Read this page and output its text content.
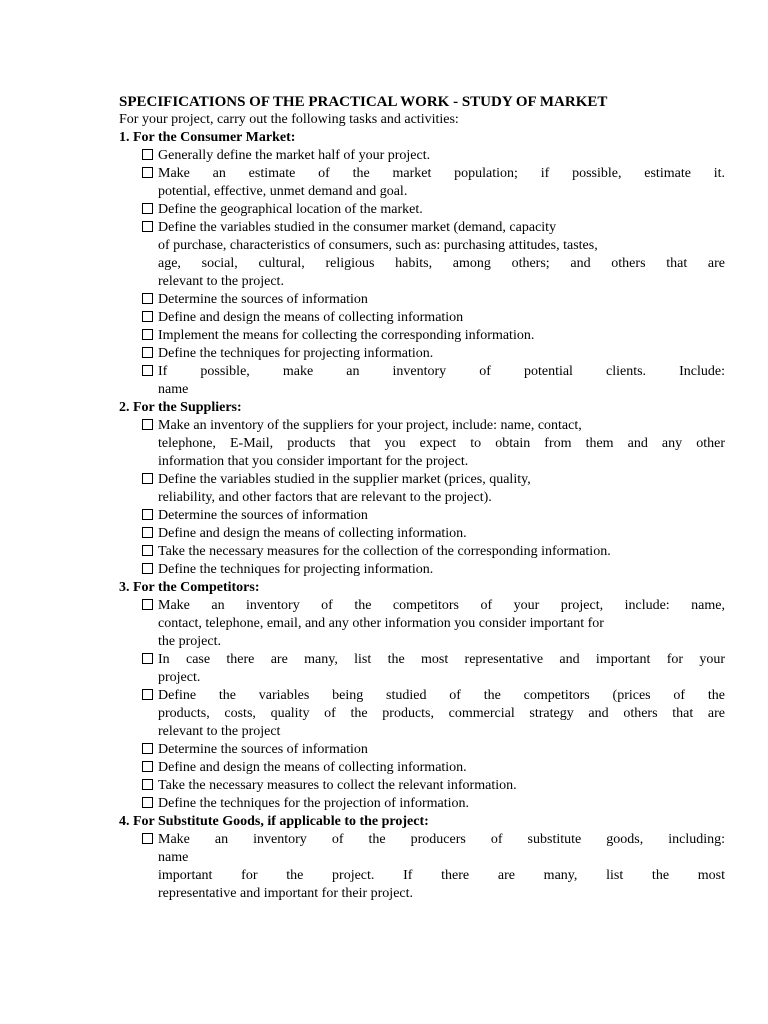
SPECIFICATIONS OF THE PRACTICAL WORK - STUDY OF MARKET

For your project, carry out the following tasks and activities:

1. For the Consumer Market:
Generally define the market half of your project.
Make an estimate of the market population; if possible, estimate it.
potential, effective, unmet demand and goal.
Define the geographical location of the market.
Define the variables studied in the consumer market (demand, capacity
of purchase, characteristics of consumers, such as: purchasing attitudes, tastes,
age, social, cultural, religious habits, among others; and others that are
relevant to the project.
Determine the sources of information
Define and design the means of collecting information
Implement the means for collecting the corresponding information.
Define the techniques for projecting information.
If possible, make an inventory of potential clients. Include:
name
2. For the Suppliers:
Make an inventory of the suppliers for your project, include: name, contact,
telephone, E-Mail, products that you expect to obtain from them and any other
information that you consider important for the project.
Define the variables studied in the supplier market (prices, quality,
reliability, and other factors that are relevant to the project).
Determine the sources of information
Define and design the means of collecting information.
Take the necessary measures for the collection of the corresponding information.
Define the techniques for projecting information.
3. For the Competitors:
Make an inventory of the competitors of your project, include: name,
contact, telephone, email, and any other information you consider important for
the project.
In case there are many, list the most representative and important for your
project.
Define the variables being studied of the competitors (prices of the
products, costs, quality of the products, commercial strategy and others that are
relevant to the project
Determine the sources of information
Define and design the means of collecting information.
Take the necessary measures to collect the relevant information.
Define the techniques for the projection of information.
4. For Substitute Goods, if applicable to the project:
Make an inventory of the producers of substitute goods, including:
name
important for the project. If there are many, list the most
representative and important for their project.
